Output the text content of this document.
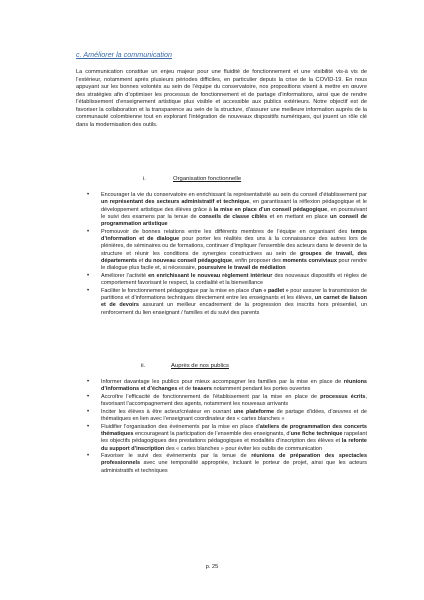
c. Améliorer la communication

La communication constitue un enjeu majeur pour une fluidité de fonctionnement et une visibilité vis-à vis de l’extérieur, notamment après plusieurs périodes difficiles, en particulier depuis la crise de la COVID-19. En nous appuyant sur les bonnes volontés au sein de l’équipe du conservatoire, nos propositions visent à mettre en œuvre des stratégies afin d’optimiser les processus de fonctionnement et de partage d’informations, ainsi que de rendre l’établissement d’enseignement artistique plus visible et accessible aux publics extérieurs. Notre objectif est de favoriser la collaboration et la transparence au sein de la structure, d’assurer une meilleure information auprès de la communauté colombienne tout en explorant l’intégration de nouveaux dispositifs numériques, qui jouent un rôle clé dans la modernisation des outils.

i.	Organisation fonctionnelle
• Encourager la vie du conservatoire en enrichissant la représentativité au sein du conseil d’établissement par un représentant des secteurs administratif et technique, en garantissant la réflexion pédagogique et le développement artistique des élèves grâce à la mise en place d’un conseil pédagogique, en poursuivant le suivi des examens par la tenue de conseils de classe ciblés et en mettant en place un conseil de programmation artistique
• Promouvoir de bonnes relations entre les différents membres de l’équipe en organisant des temps d’information et de dialogue pour porter les réalités des uns à la connaissance des autres lors de plénières, de séminaires ou de formations, continuer d’impliquer l’ensemble des acteurs dans le devenir de la structure et réunir les conditions de synergies constructives au sein de groupes de travail, des départements et du nouveau conseil pédagogique, enfin proposer des moments conviviaux pour rendre le dialogue plus facile et, si nécessaire, poursuivre le travail de médiation
• Améliorer l’activité en enrichissant le nouveau règlement intérieur des nouveaux dispositifs et règles de comportement favorisant le respect, la cordialité et la bienveillance
• Faciliter le fonctionnement pédagogique par la mise en place d’un « padlet » pour assurer la transmission de partitions et d’informations techniques directement entre les enseignants et les élèves, un carnet de liaison et de devoirs assurant un meilleur encadrement de la progression des inscrits hors présentiel, un renforcement du lien enseignant / familles et du suivi des parents
ii.	Auprès de nos publics
• Informer davantage les publics pour mieux accompagner les familles par la mise en place de réunions d’informations et d’échanges et de teasers notamment pendant les portes ouvertes
• Accroître l’efficacité de fonctionnement de l’établissement par la mise en place de processus écrits, favorisant l’accompagnement des agents, notamment les nouveaux arrivants
• Inciter les élèves à être acteur/créateur en ouvrant une plateforme de partage d’idées, d’œuvres et de thématiques en lien avec l’enseignant coordinateur des « cartes blanches »
• Fluidifier l’organisation des événements par la mise en place d’ateliers de programmation des concerts thématiques encourageant la participation de l’ensemble des enseignants, d’une fiche technique rappelant les objectifs pédagogiques des prestations pédagogiques et modalités d’inscription des élèves et la refonte du support d’inscription des « cartes blanches » pour éviter les oublis de communication
• Favoriser le suivi des événements par la tenue de réunions de préparation des spectacles professionnels avec une temporalité appropriée, incluant le porteur de projet, ainsi que les acteurs administratifs et techniques
p. 25
